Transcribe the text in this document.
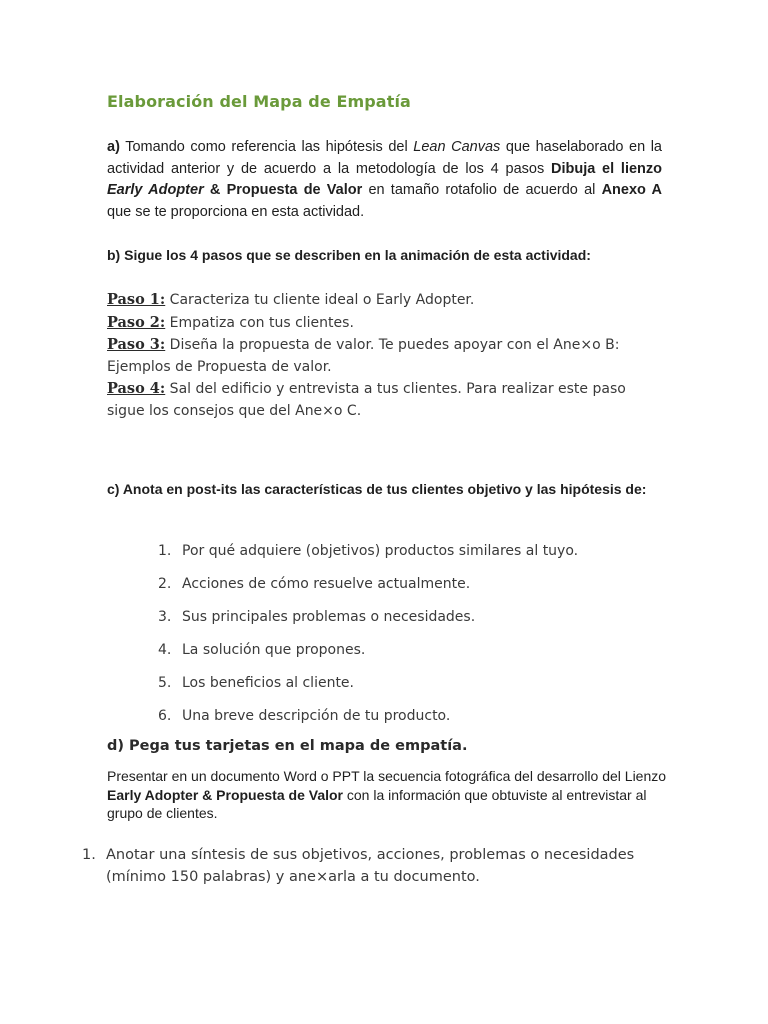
Elaboración del Mapa de Empatía

a) Tomando como referencia las hipótesis del Lean Canvas que haselaborado en la actividad anterior y de acuerdo a la metodología de los 4 pasos Dibuja el lienzo Early Adopter & Propuesta de Valor en tamaño rotafolio de acuerdo al Anexo A que se te proporciona en esta actividad.

b) Sigue los 4 pasos que se describen en la animación de esta actividad:

Paso 1: Caracteriza tu cliente ideal o Early Adopter.
Paso 2: Empatiza con tus clientes.
Paso 3: Diseña la propuesta de valor. Te puedes apoyar con el Ane×o B: Ejemplos de Propuesta de valor.
Paso 4: Sal del edificio y entrevista a tus clientes. Para realizar este paso sigue los consejos que del Ane×o C.

c) Anota en post-its las características de tus clientes objetivo y las hipótesis de:

1. Por qué adquiere (objetivos) productos similares al tuyo.
2. Acciones de cómo resuelve actualmente.
3. Sus principales problemas o necesidades.
4. La solución que propones.
5. Los beneficios al cliente.
6. Una breve descripción de tu producto.

d) Pega tus tarjetas en el mapa de empatía.

Presentar en un documento Word o PPT la secuencia fotográfica del desarrollo del Lienzo Early Adopter & Propuesta de Valor con la información que obtuviste al entrevistar al grupo de clientes.

1. Anotar una síntesis de sus objetivos, acciones, problemas o necesidades (mínimo 150 palabras) y ane×arla a tu documento.
